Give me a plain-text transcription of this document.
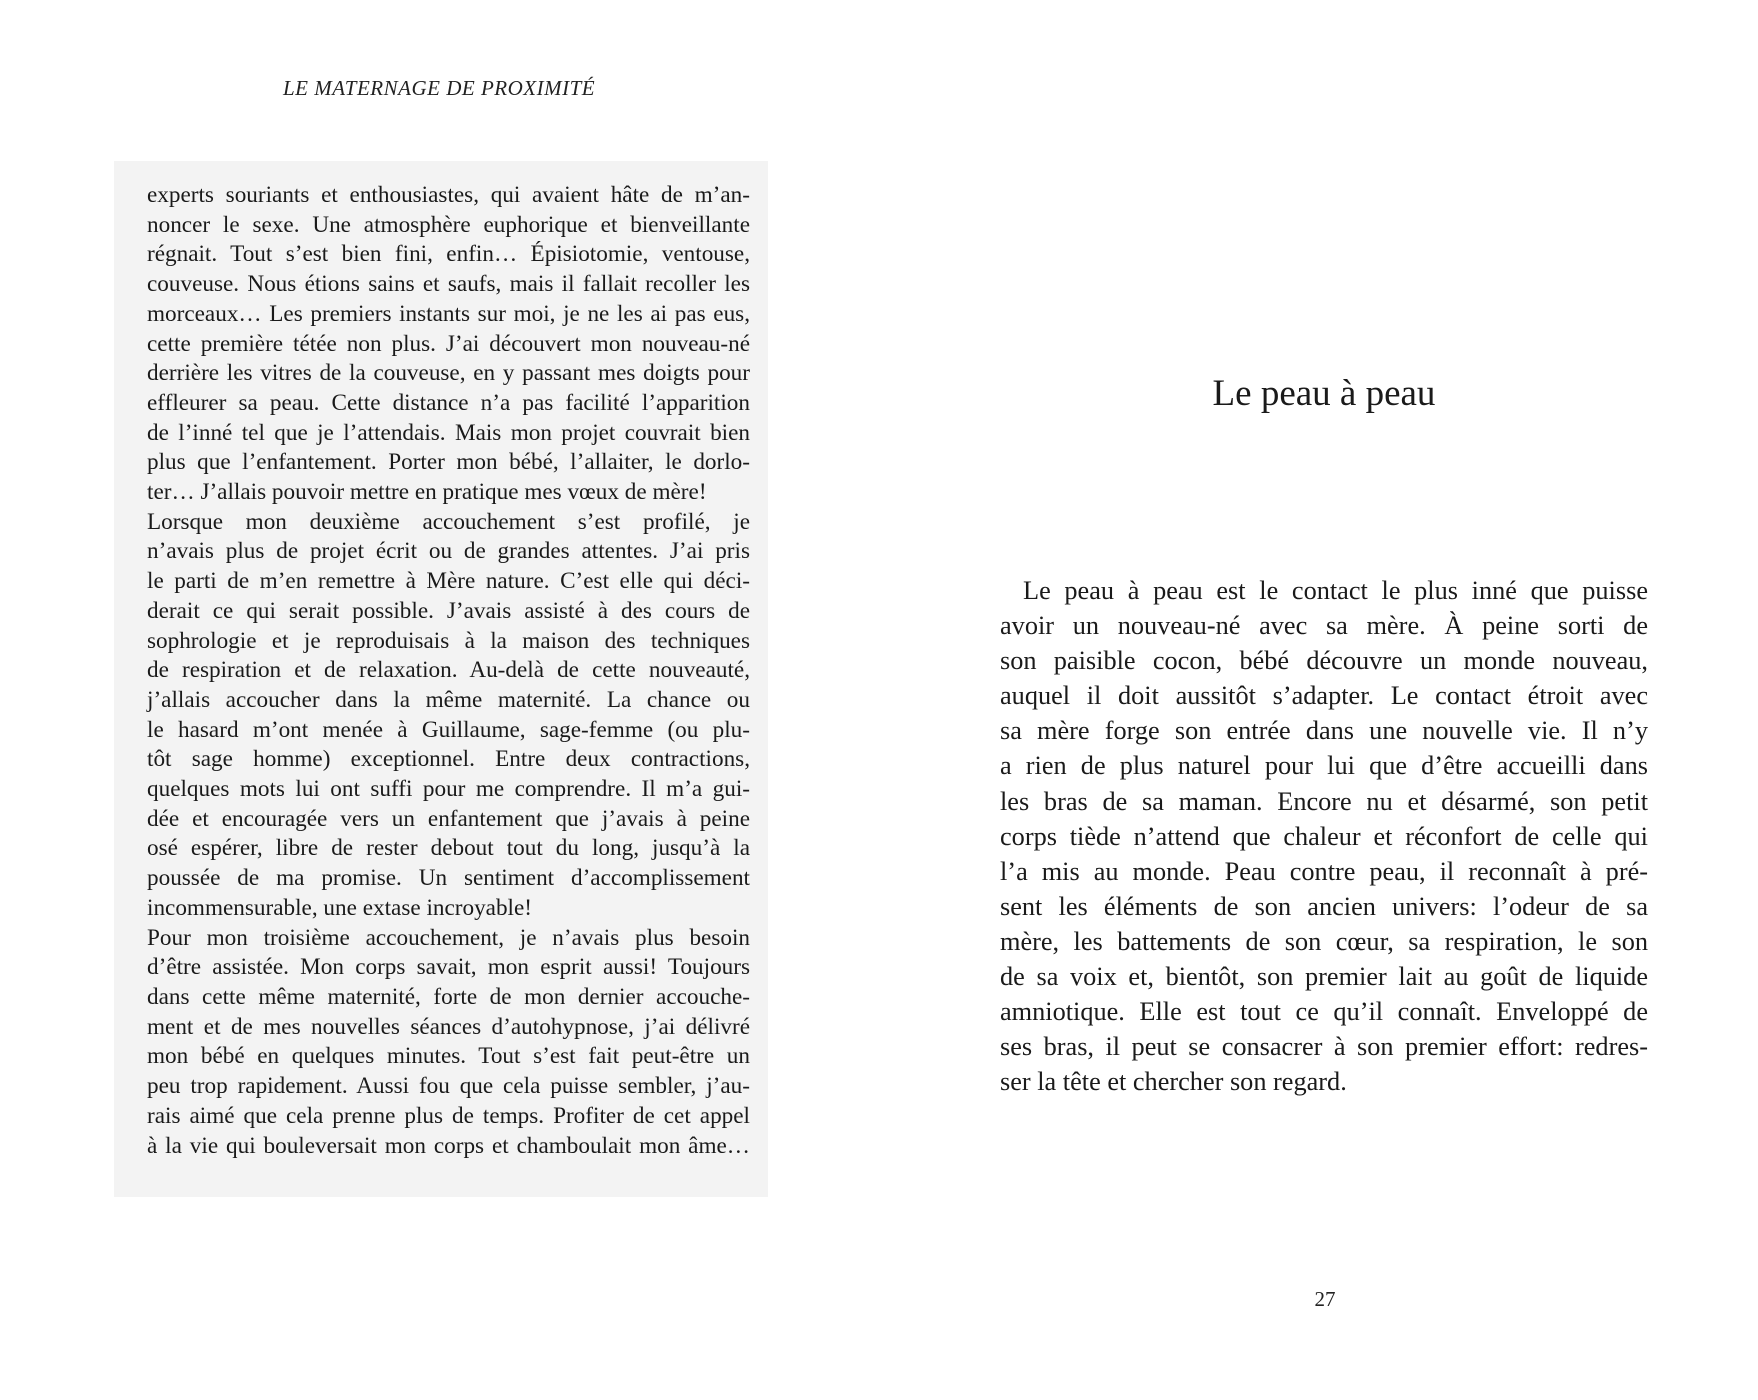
LE MATERNAGE DE PROXIMITÉ
experts souriants et enthousiastes, qui avaient hâte de m’an-
noncer le sexe. Une atmosphère euphorique et bienveillante
régnait. Tout s’est bien fini, enfin… Épisiotomie, ventouse,
couveuse. Nous étions sains et saufs, mais il fallait recoller les
morceaux… Les premiers instants sur moi, je ne les ai pas eus,
cette première tétée non plus. J’ai découvert mon nouveau-né
derrière les vitres de la couveuse, en y passant mes doigts pour
effleurer sa peau. Cette distance n’a pas facilité l’apparition
de l’inné tel que je l’attendais. Mais mon projet couvrait bien
plus que l’enfantement. Porter mon bébé, l’allaiter, le dorlo-
ter… J’allais pouvoir mettre en pratique mes vœux de mère!
Lorsque mon deuxième accouchement s’est profilé, je
n’avais plus de projet écrit ou de grandes attentes. J’ai pris
le parti de m’en remettre à Mère nature. C’est elle qui déci-
derait ce qui serait possible. J’avais assisté à des cours de
sophrologie et je reproduisais à la maison des techniques
de respiration et de relaxation. Au-delà de cette nouveauté,
j’allais accoucher dans la même maternité. La chance ou
le hasard m’ont menée à Guillaume, sage-femme (ou plu-
tôt sage homme) exceptionnel. Entre deux contractions,
quelques mots lui ont suffi pour me comprendre. Il m’a gui-
dée et encouragée vers un enfantement que j’avais à peine
osé espérer, libre de rester debout tout du long, jusqu’à la
poussée de ma promise. Un sentiment d’accomplissement
incommensurable, une extase incroyable!
Pour mon troisième accouchement, je n’avais plus besoin
d’être assistée. Mon corps savait, mon esprit aussi! Toujours
dans cette même maternité, forte de mon dernier accouche-
ment et de mes nouvelles séances d’autohypnose, j’ai délivré
mon bébé en quelques minutes. Tout s’est fait peut-être un
peu trop rapidement. Aussi fou que cela puisse sembler, j’au-
rais aimé que cela prenne plus de temps. Profiter de cet appel
à la vie qui bouleversait mon corps et chamboulait mon âme…
Le peau à peau
Le peau à peau est le contact le plus inné que puisse
avoir un nouveau-né avec sa mère. À peine sorti de
son paisible cocon, bébé découvre un monde nouveau,
auquel il doit aussitôt s’adapter. Le contact étroit avec
sa mère forge son entrée dans une nouvelle vie. Il n’y
a rien de plus naturel pour lui que d’être accueilli dans
les bras de sa maman. Encore nu et désarmé, son petit
corps tiède n’attend que chaleur et réconfort de celle qui
l’a mis au monde. Peau contre peau, il reconnaît à pré-
sent les éléments de son ancien univers: l’odeur de sa
mère, les battements de son cœur, sa respiration, le son
de sa voix et, bientôt, son premier lait au goût de liquide
amniotique. Elle est tout ce qu’il connaît. Enveloppé de
ses bras, il peut se consacrer à son premier effort: redres-
ser la tête et chercher son regard.
27
